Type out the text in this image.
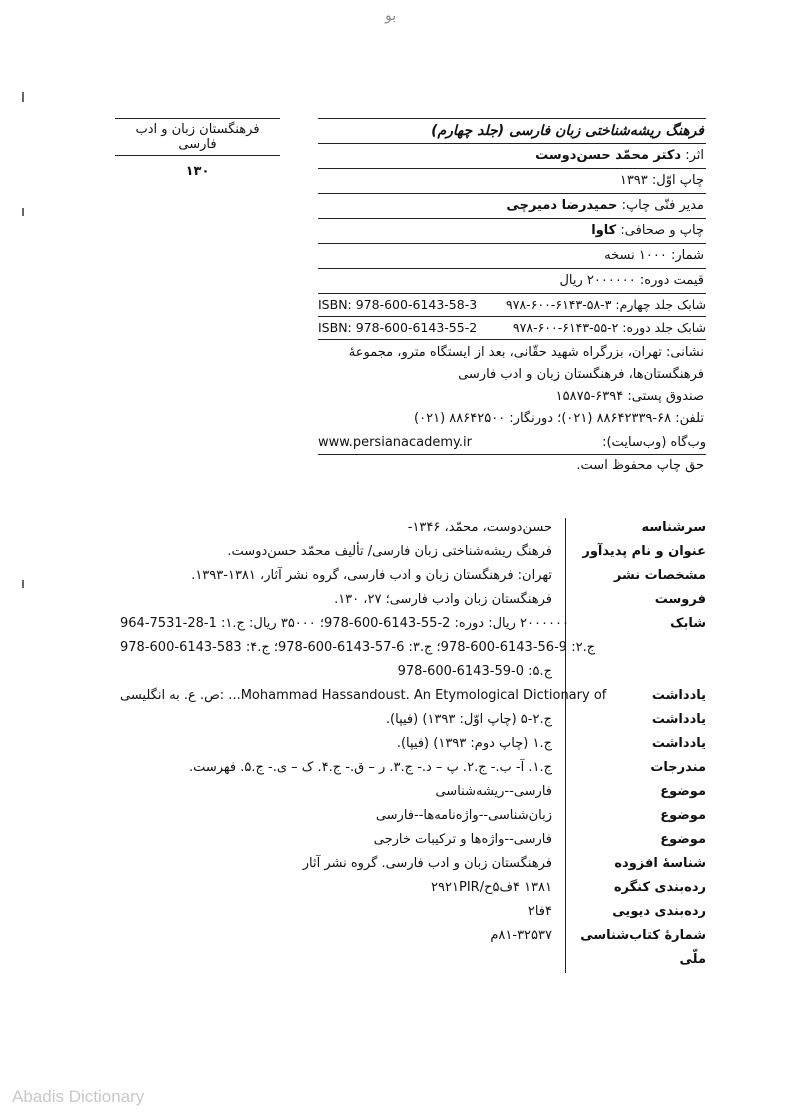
بو
فرهنگستان زبان و ادب فارسی
۱۳۰
فرهنگ ریشه‌شناختی زبان فارسی (جلد چهارم)
اثر: دکتر محمّد حسن‌دوست
چاپ اوّل: ۱۳۹۳
مدیر فنّی چاپ: حمیدرضا دمیرچی
چاپ و صحافی: کاوا
شمار: ۱۰۰۰ نسخه
قیمت دوره: ۲۰۰۰۰۰۰ ریال
ISBN: 978-600-6143-58-3 شابک جلد چهارم: ۳-۵۸-۶۱۴۳-۶۰۰-۹۷۸
ISBN: 978-600-6143-55-2	شابک جلد دوره: ۲-۵۵-۶۱۴۳-۶۰۰-۹۷۸
نشانی: تهران، بزرگراه شهید حقّانی، بعد از ایستگاه مترو، مجموعۀ
فرهنگستان‌ها، فرهنگستان زبان و ادب فارسی
صندوق پستی: ۶۳۹۴-۱۵۸۷۵
تلفن: ۶۸-۸۸۶۴۲۳۳۹ (۰۲۱)؛ دورنگار: ۸۸۶۴۲۵۰۰ (۰۲۱)
www.persianacademy.ir	وب‌گاه (وب‌سایت):
حق چاپ محفوظ است.
سرشناسه
حسن‌دوست، محمّد، ۱۳۴۶-
عنوان و نام پدیدآور
فرهنگ ریشه‌شناختی زبان فارسی/ تألیف محمّد حسن‌دوست.
مشخصات نشر
تهران: فرهنگستان زبان و ادب فارسی، گروه نشر آثار، ۱۳۸۱-۱۳۹۳.
فروست
فرهنگستان زبان وادب فارسی؛ ۲۷، ۱۳۰.
شابک
۲۰۰۰۰۰۰ ریال: دوره: 2-55-6143-600-978؛ ۳۵۰۰۰ ریال: ج.۱: 1-28-7531-964
ج.۲: 9-56-6143-600-978؛ ج.۳: 6-57-6143-600-978؛ ج.۴: 583-6143-600-978
ج.۵: 0-59-6143-600-978
یادداشت
ص. ع. به انگلیسی: ...Mohammad Hassandoust. An Etymological Dictionary of
یادداشت
ج.۲-۵ (چاپ اوّل: ۱۳۹۳) (فیپا).
یادداشت
ج.۱ (چاپ دوم: ۱۳۹۳) (فیپا).
مندرجات
ج.۱. آ- ب.- ج.۲. پ – د.- ج.۳. ر – ق.- ج.۴. ک – ی.- ج.۵. فهرست.
موضوع
فارسی--ریشه‌شناسی
موضوع
زبان‌شناسی--واژه‌نامه‌ها--فارسی
موضوع
فارسی--واژه‌ها و ترکیبات خارجی
شناسهٔ افزوده
فرهنگستان زبان و ادب فارسی. گروه نشر آثار
رده‌بندی کنگره
۱۳۸۱ ۴ف۵ح/۲۹۲۱PIR
رده‌بندی دیویی
۴فا۲
شمارهٔ کتاب‌شناسی ملّی
۸۱-۳۲۵۳۷م
Abadis Dictionary
